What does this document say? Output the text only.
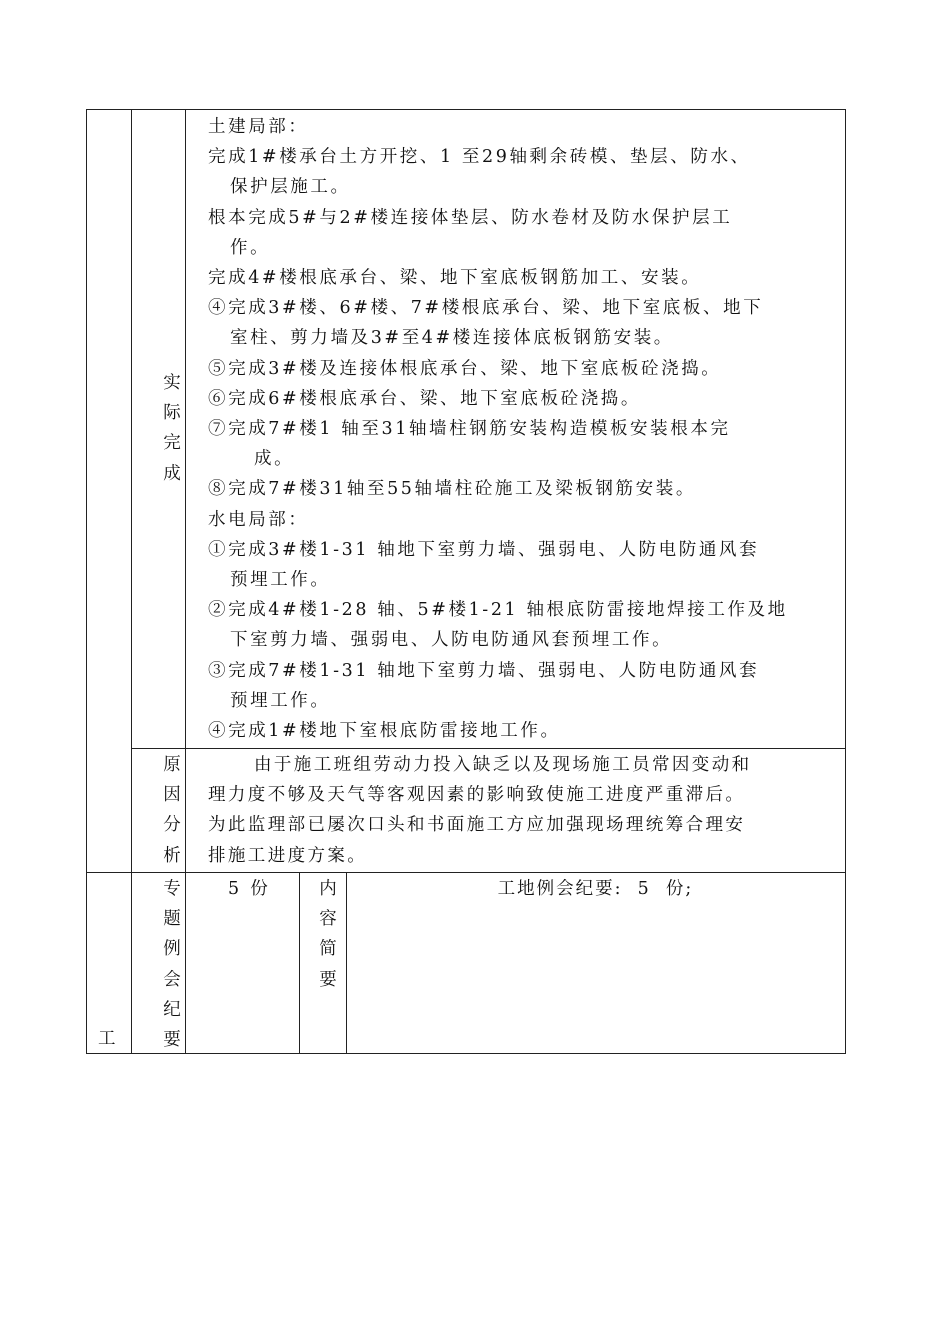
实
际
完
成

土建局部：

完成1#楼承台土方开挖、1 至29轴剩余砖模、垫层、防水、
保护层施工。

根本完成5#与2#楼连接体垫层、防水卷材及防水保护层工
作。

完成4#楼根底承台、梁、地下室底板钢筋加工、安装。

④完成3#楼、6#楼、7#楼根底承台、梁、地下室底板、地下
室柱、剪力墙及3#至4#楼连接体底板钢筋安装。

⑤完成3#楼及连接体根底承台、梁、地下室底板砼浇捣。

⑥完成6#楼根底承台、梁、地下室底板砼浇捣。

⑦完成7#楼1 轴至31轴墙柱钢筋安装构造模板安装根本完
成。

⑧完成7#楼31轴至55轴墙柱砼施工及梁板钢筋安装。

水电局部：

①完成3#楼1-31 轴地下室剪力墙、强弱电、人防电防通风套
预埋工作。

②完成4#楼1-28 轴、5#楼1-21 轴根底防雷接地焊接工作及地
下室剪力墙、强弱电、人防电防通风套预埋工作。

③完成7#楼1-31 轴地下室剪力墙、强弱电、人防电防通风套
预埋工作。

④完成1#楼地下室根底防雷接地工作。

原
因
分
析
由于施工班组劳动力投入缺乏以及现场施工员常因变动和
理力度不够及天气等客观因素的影响致使施工进度严重滞后。
为此监理部已屡次口头和书面施工方应加强现场理统筹合理安
排施工进度方案。
工
专
题
例
会
纪
要
5  份	内
容
简
要
工地例会纪要:  5  份;
